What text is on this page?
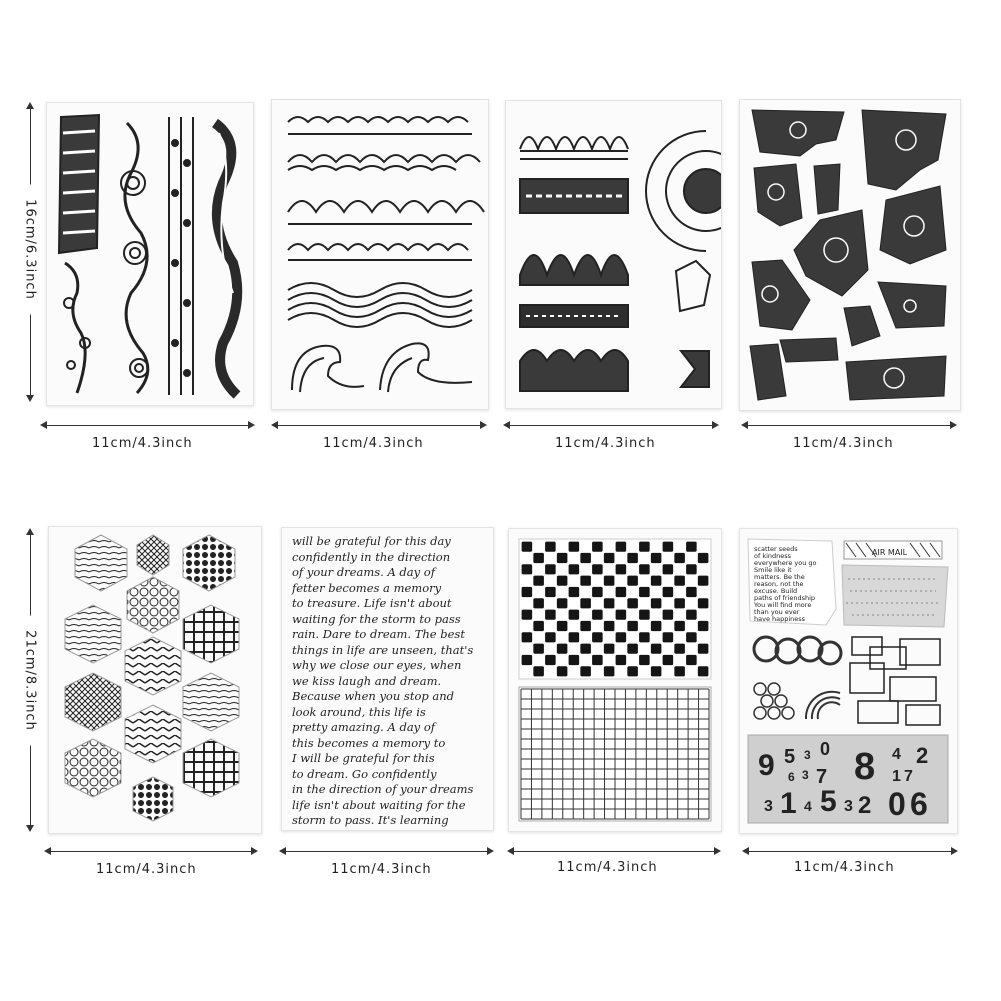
16cm/6.3inch
11cm/4.3inch	11cm/4.3inch	11cm/4.3inch	11cm/4.3inch
will be grateful for this day
confidently in the direction
of your dreams. A day of
fetter becomes a memory
to treasure. Life isn't about
waiting for the storm to pass
rain. Dare to dream. The best
things in life are unseen, that's
why we close our eyes, when
we kiss laugh and dream.
Because when you stop and
look around, this life is
pretty amazing. A day of
this becomes a memory to
I will be grateful for this
to dream. Go confidently
in the direction of your dreams
life isn't about waiting for the
storm to pass. It's learning
scatter seeds
of kindness
everywhere you go
Smile like it
matters. Be the
reason, not the
excuse. Build
paths of friendship
You will find more
than you ever
have happiness
AIR MAIL
9 5 3 0 8 4 2
6 3 7	1 7
3 1 4 5 3 2 0 6
21cm/8.3inch
11cm/4.3inch	11cm/4.3inch	11cm/4.3inch	11cm/4.3inch
